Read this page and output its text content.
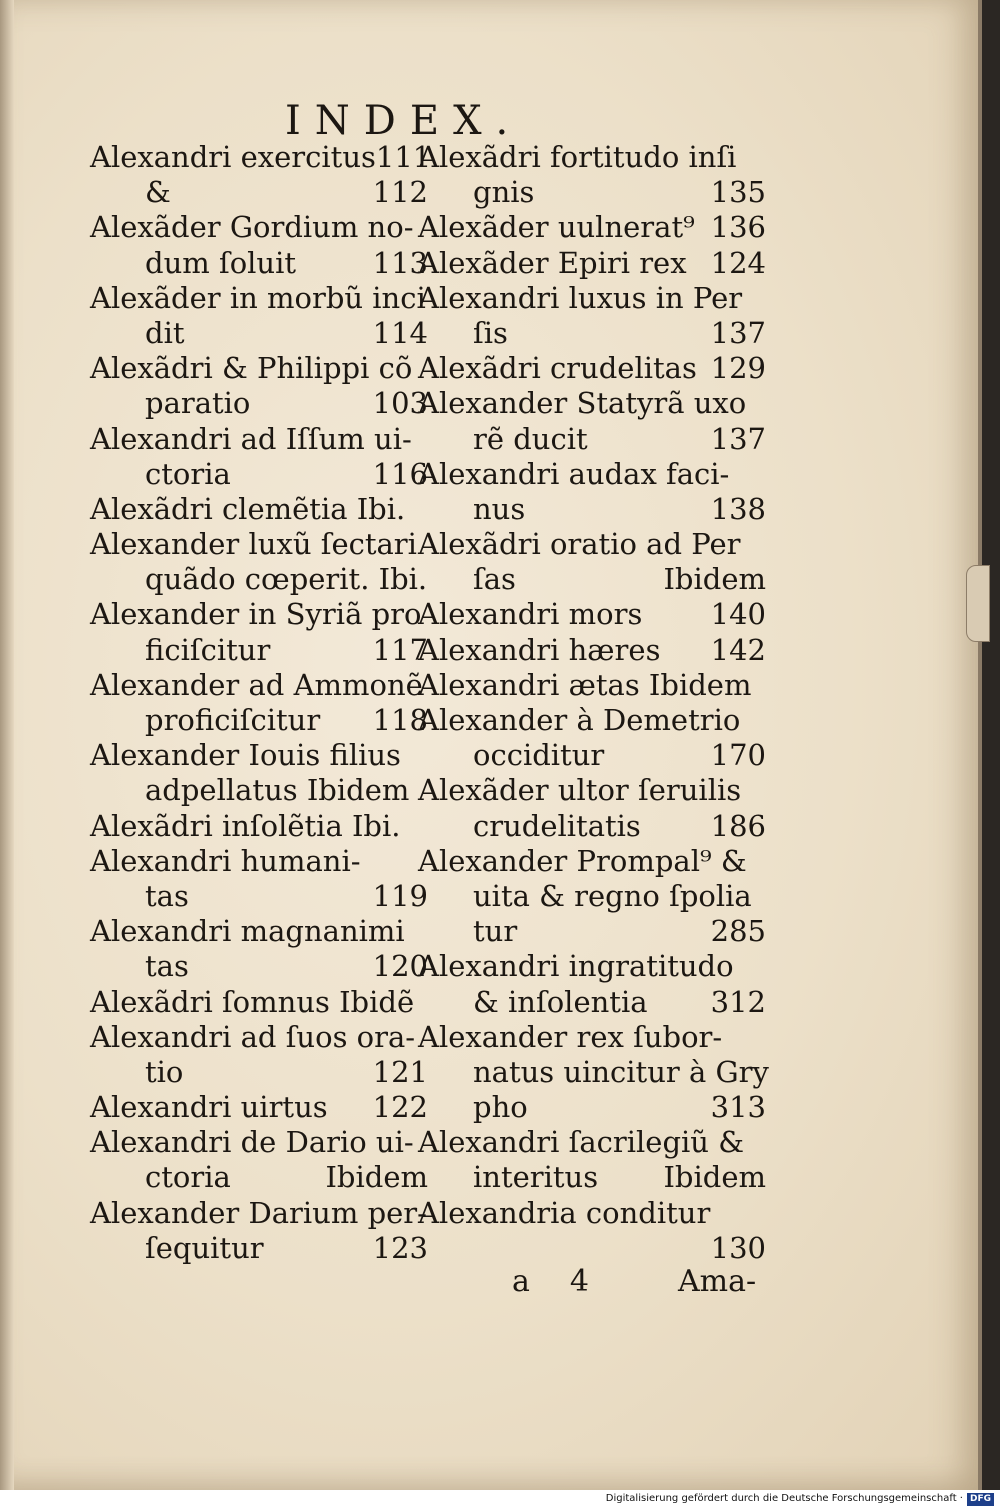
INDEX.
Alexandri exercitus 111
&	112
Alexãder Gordium no-
dum ſoluit	113
Alexãder in morbũ inci
dit	114
Alexãdri & Philippi cõ
paratio	103
Alexandri ad Iſſum ui-
ctoria	116
Alexãdri clemẽtia Ibi.
Alexander luxũ ſectari
quãdo cœperit. Ibi.
Alexander in Syriã pro
ficiſcitur	117
Alexander ad Ammonẽ
proficiſcitur 118
Alexander Iouis filius
adpellatus Ibidem
Alexãdri inſolẽtia Ibi.
Alexandri humani-
tas	119
Alexandri magnanimi
tas	120
Alexãdri ſomnus Ibidẽ
Alexandri ad ſuos ora-
tio	121
Alexandri uirtus 122
Alexandri de Dario ui-
ctoria	Ibidem
Alexander Darium per-
ſequitur	123
Alexãdri fortitudo inſi
gnis	135
Alexãder uulnerat⁹ 136
Alexãder Epiri rex 124
Alexandri luxus in Per
ſis	137
Alexãdri crudelitas 129
Alexander Statyrã uxo
rẽ ducit	137
Alexandri audax faci-
nus	138
Alexãdri oratio ad Per
ſas	Ibidem
Alexandri mors 140
Alexandri hæres 142
Alexandri ætas Ibidem
Alexander à Demetrio
occiditur	170
Alexãder ultor ſeruilis
crudelitatis 186
Alexander Prompal⁹ &
uita & regno ſpolia
tur	285
Alexandri ingratitudo
& inſolentia 312
Alexander rex ſubor-
natus uincitur à Gry
pho	313
Alexandri ſacrilegiũ &
interitus Ibidem
Alexandria conditur
130
a 4	Ama-
Digitalisierung gefördert durch die Deutsche Forschungsgemeinschaft · DFG
